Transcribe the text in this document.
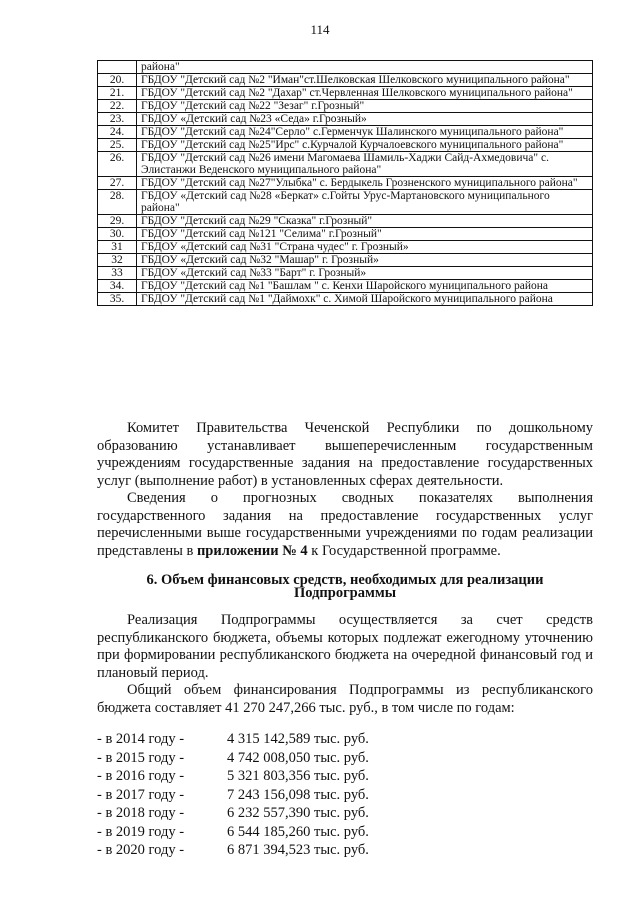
114
	района"
20.	ГБДОУ "Детский сад №2 "Иман"ст.Шелковская Шелковского муниципального района"
21.	ГБДОУ "Детский сад №2 "Дахар" ст.Червленная Шелковского муниципального района"
22.	ГБДОУ "Детский сад №22 "Зезаг" г.Грозный"
23.	ГБДОУ «Детский сад №23 «Седа» г.Грозный»
24.	ГБДОУ "Детский сад №24"Серло" с.Герменчук Шалинского муниципального района"
25.	ГБДОУ "Детский сад №25"Ирс" с.Курчалой Курчалоевского муниципального района"
26.	ГБДОУ "Детский сад №26 имени Магомаева Шамиль-Хаджи Сайд-Ахмедовича" с. Элистанжи Веденского муниципального района"
27.	ГБДОУ "Детский сад №27"Улыбка" с. Бердыкель Грозненского муниципального района"
28.	ГБДОУ «Детский сад №28 «Беркат» с.Гойты Урус-Мартановского муниципального района"
29.	ГБДОУ "Детский сад №29 "Сказка" г.Грозный"
30.	ГБДОУ "Детский сад №121 "Селима" г.Грозный"
31	ГБДОУ «Детский сад №31 "Страна чудес" г. Грозный»
32	ГБДОУ «Детский сад №32 "Машар" г. Грозный»
33	ГБДОУ «Детский сад №33 "Барт" г. Грозный»
34.	ГБДОУ "Детский сад №1 "Башлам " с. Кенхи Шаройского муниципального района
35.	ГБДОУ "Детский сад №1 "Даймохк" с. Химой Шаройского муниципального района

Комитет Правительства Чеченской Республики по дошкольному образованию устанавливает вышеперечисленным государственным учреждениям государственные задания на предоставление государственных услуг (выполнение работ) в установленных сферах деятельности.

Сведения о прогнозных сводных показателях выполнения государственного задания на предоставление государственных услуг перечисленными выше государственными учреждениями по годам реализации представлены в приложении № 4 к Государственной программе.

6. Объем финансовых средств, необходимых для реализации
Подпрограммы

Реализация Подпрограммы осуществляется за счет средств республиканского бюджета, объемы которых подлежат ежегодному уточнению при формировании республиканского бюджета на очередной финансовый год и плановый период.

Общий объем финансирования Подпрограммы из республиканского бюджета составляет 41 270 247,266 тыс. руб., в том числе по годам:

- в 2014 году -	4 315 142,589 тыс. руб.
- в 2015 году -	4 742 008,050 тыс. руб.
- в 2016 году -	5 321 803,356 тыс. руб.
- в 2017 году -	7 243 156,098 тыс. руб.
- в 2018 году -	6 232 557,390 тыс. руб.
- в 2019 году -	6 544 185,260 тыс. руб.
- в 2020 году -	6 871 394,523 тыс. руб.
